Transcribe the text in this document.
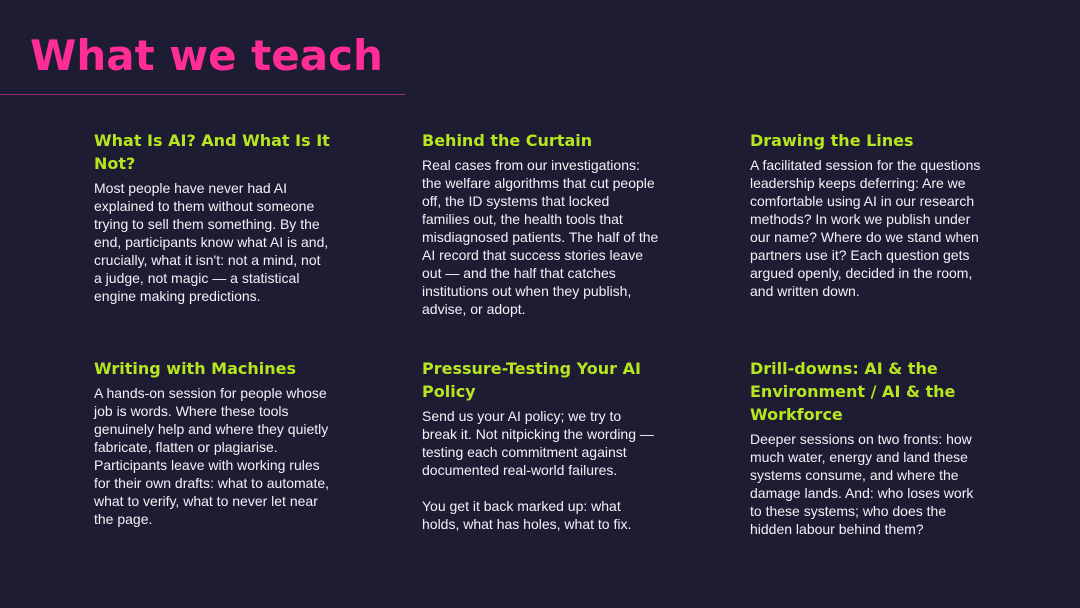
What we teach
What Is AI? And What Is It Not?

Most people have never had AI explained to them without someone trying to sell them something. By the end, participants know what AI is and, crucially, what it isn't: not a mind, not a judge, not magic — a statistical engine making predictions.

Behind the Curtain

Real cases from our investigations: the welfare algorithms that cut people off, the ID systems that locked families out, the health tools that misdiagnosed patients. The half of the AI record that success stories leave out — and the half that catches institutions out when they publish, advise, or adopt.

Drawing the Lines

A facilitated session for the questions leadership keeps deferring: Are we comfortable using AI in our research methods? In work we publish under our name? Where do we stand when partners use it? Each question gets argued openly, decided in the room, and written down.

Writing with Machines

A hands-on session for people whose job is words. Where these tools genuinely help and where they quietly fabricate, flatten or plagiarise. Participants leave with working rules for their own drafts: what to automate, what to verify, what to never let near the page.

Pressure-Testing Your AI Policy

Send us your AI policy; we try to break it. Not nitpicking the wording — testing each commitment against documented real-world failures.

You get it back marked up: what holds, what has holes, what to fix.

Drill-downs: AI & the Environment / AI & the Workforce

Deeper sessions on two fronts: how much water, energy and land these systems consume, and where the damage lands. And: who loses work to these systems; who does the hidden labour behind them?
